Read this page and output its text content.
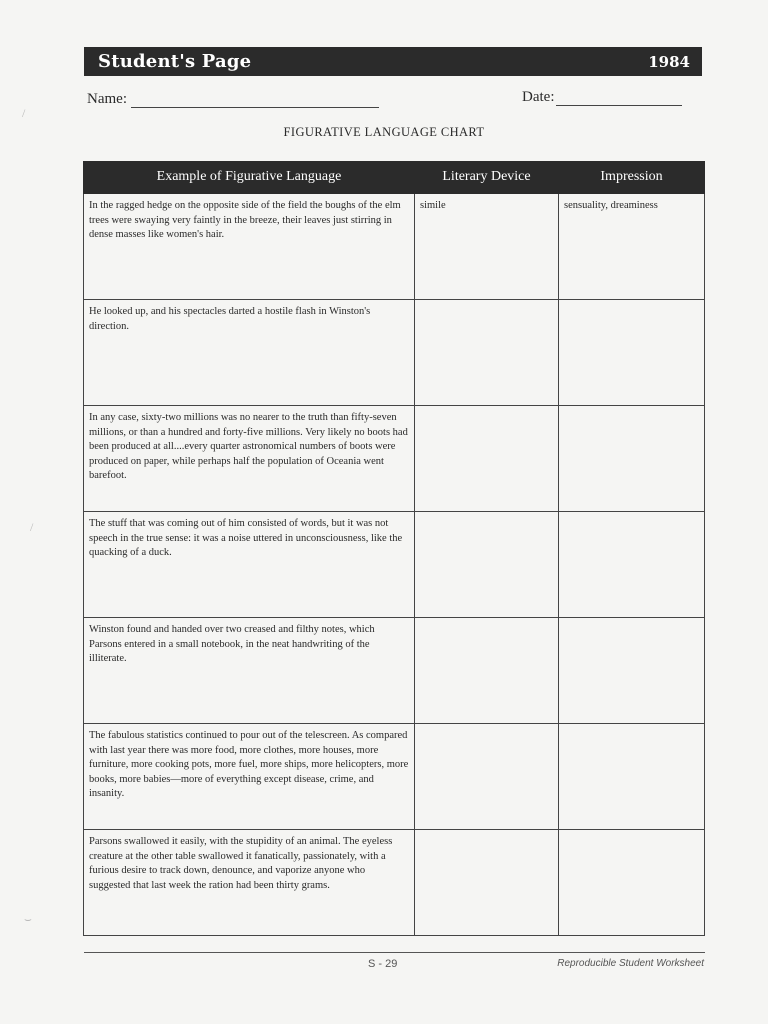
Student's Page	1984
Name:	Date:
FIGURATIVE LANGUAGE CHART
Example of Figurative Language	Literary Device	Impression
In the ragged hedge on the opposite side of the field the boughs of the elm trees were swaying very faintly in the breeze, their leaves just stirring in dense masses like women's hair.	simile	sensuality, dreaminess
He looked up, and his spectacles darted a hostile flash in Winston's direction.		
In any case, sixty-two millions was no nearer to the truth than fifty-seven millions, or than a hundred and forty-five millions. Very likely no boots had been produced at all....every quarter astronomical numbers of boots were produced on paper, while perhaps half the population of Oceania went barefoot.		
The stuff that was coming out of him consisted of words, but it was not speech in the true sense: it was a noise uttered in unconsciousness, like the quacking of a duck.		
Winston found and handed over two creased and filthy notes, which Parsons entered in a small notebook, in the neat handwriting of the illiterate.		
The fabulous statistics continued to pour out of the telescreen. As compared with last year there was more food, more clothes, more houses, more furniture, more cooking pots, more fuel, more ships, more helicopters, more books, more babies—more of everything except disease, crime, and insanity.		
Parsons swallowed it easily, with the stupidity of an animal. The eyeless creature at the other table swallowed it fanatically, passionately, with a furious desire to track down, denounce, and vaporize anyone who suggested that last week the ration had been thirty grams.		
S - 29	Reproducible Student Worksheet
/
/
⌣
